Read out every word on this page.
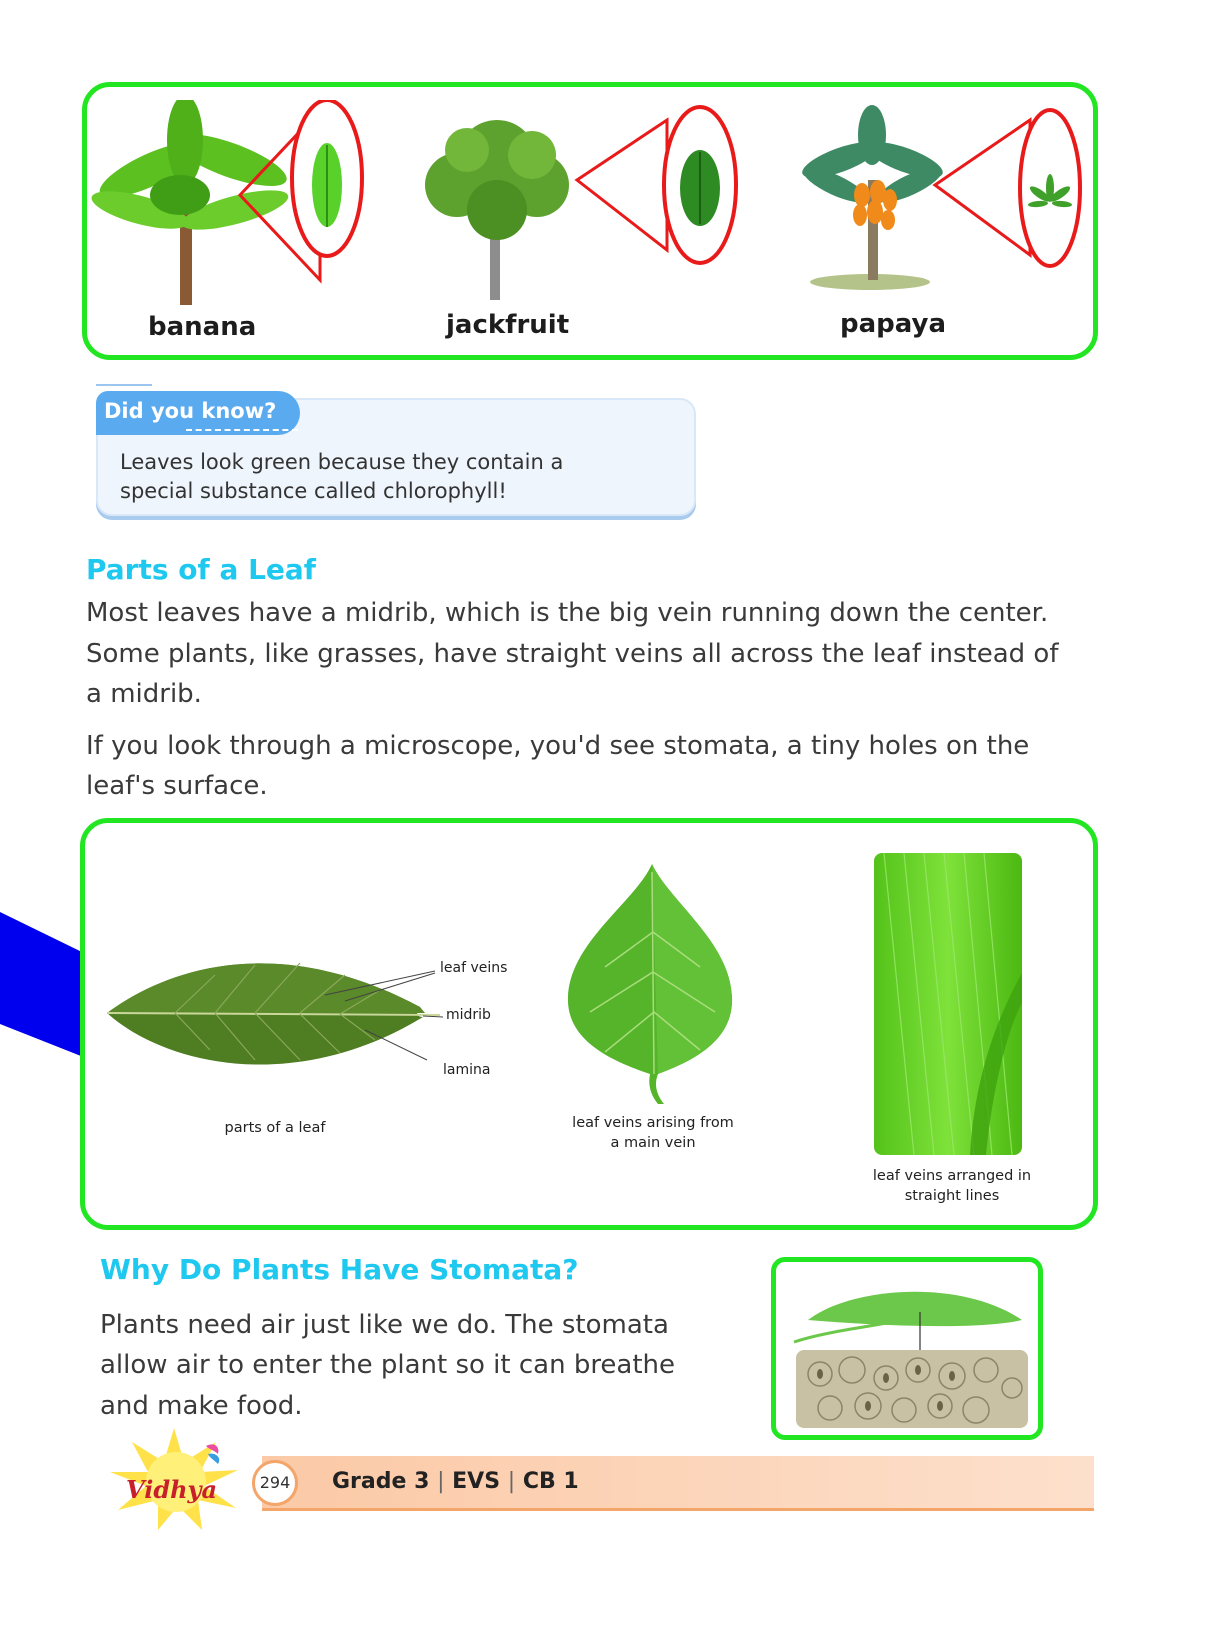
banana	jackfruit	papaya
Did you know?
Leaves look green because they contain a
special substance called chlorophyll!
Parts of a Leaf
Most leaves have a midrib, which is the big vein running down the center.
Some plants, like grasses, have straight veins all across the leaf instead of
a midrib.
If you look through a microscope, you'd see stomata, a tiny holes on the
leaf's surface.
leaf veins
midrib
lamina
parts of a leaf	leaf veins arising from
a main vein
leaf veins arranged in
straight lines
Why Do Plants Have Stomata?
Plants need air just like we do. The stomata
allow air to enter the plant so it can breathe
and make food.
Vidhya	294	Grade 3 | EVS | CB 1
